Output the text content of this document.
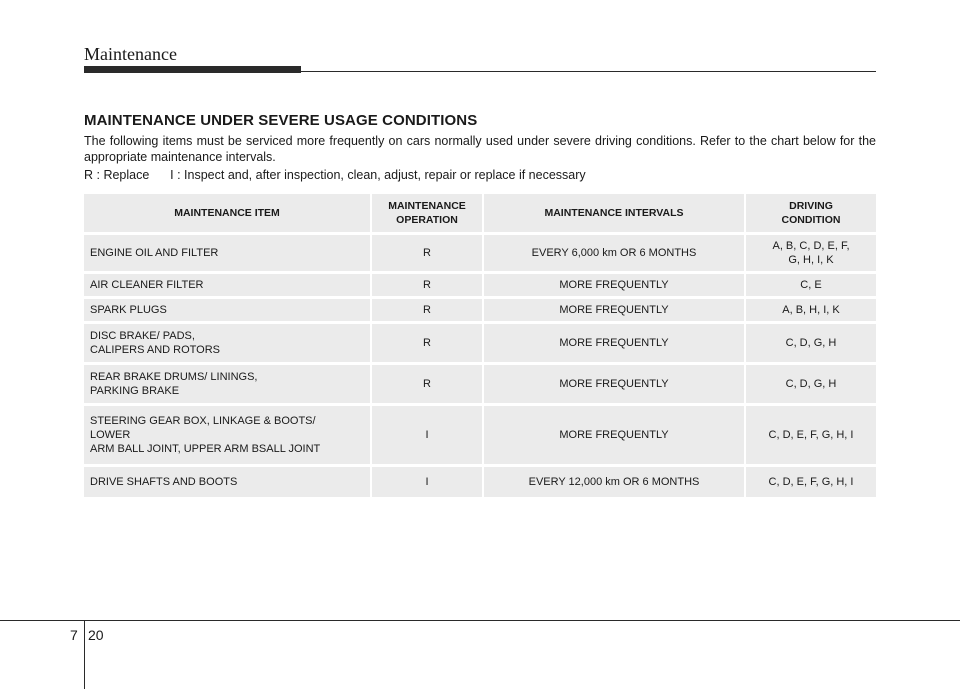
Maintenance
MAINTENANCE UNDER SEVERE USAGE CONDITIONS
The following items must be serviced more frequently on cars normally used under severe driving conditions. Refer to the chart below for the appropriate maintenance intervals.
R : Replace I : Inspect and, after inspection, clean, adjust, repair or replace if necessary
MAINTENANCE ITEM	MAINTENANCE
OPERATION	MAINTENANCE INTERVALS	DRIVING
CONDITION
ENGINE OIL AND FILTER	R	EVERY 6,000 km OR 6 MONTHS	A, B, C, D, E, F,
G, H, I, K
AIR CLEANER FILTER	R	MORE FREQUENTLY	C, E
SPARK PLUGS	R	MORE FREQUENTLY	A, B, H, I, K
DISC BRAKE/ PADS,
CALIPERS AND ROTORS	R	MORE FREQUENTLY	C, D, G, H
REAR BRAKE DRUMS/ LININGS,
PARKING BRAKE	R	MORE FREQUENTLY	C, D, G, H
STEERING GEAR BOX, LINKAGE & BOOTS/
LOWER
ARM BALL JOINT, UPPER ARM BSALL JOINT	I	MORE FREQUENTLY	C, D, E, F, G, H, I
DRIVE SHAFTS AND BOOTS	I	EVERY 12,000 km OR 6 MONTHS	C, D, E, F, G, H, I
7 20
